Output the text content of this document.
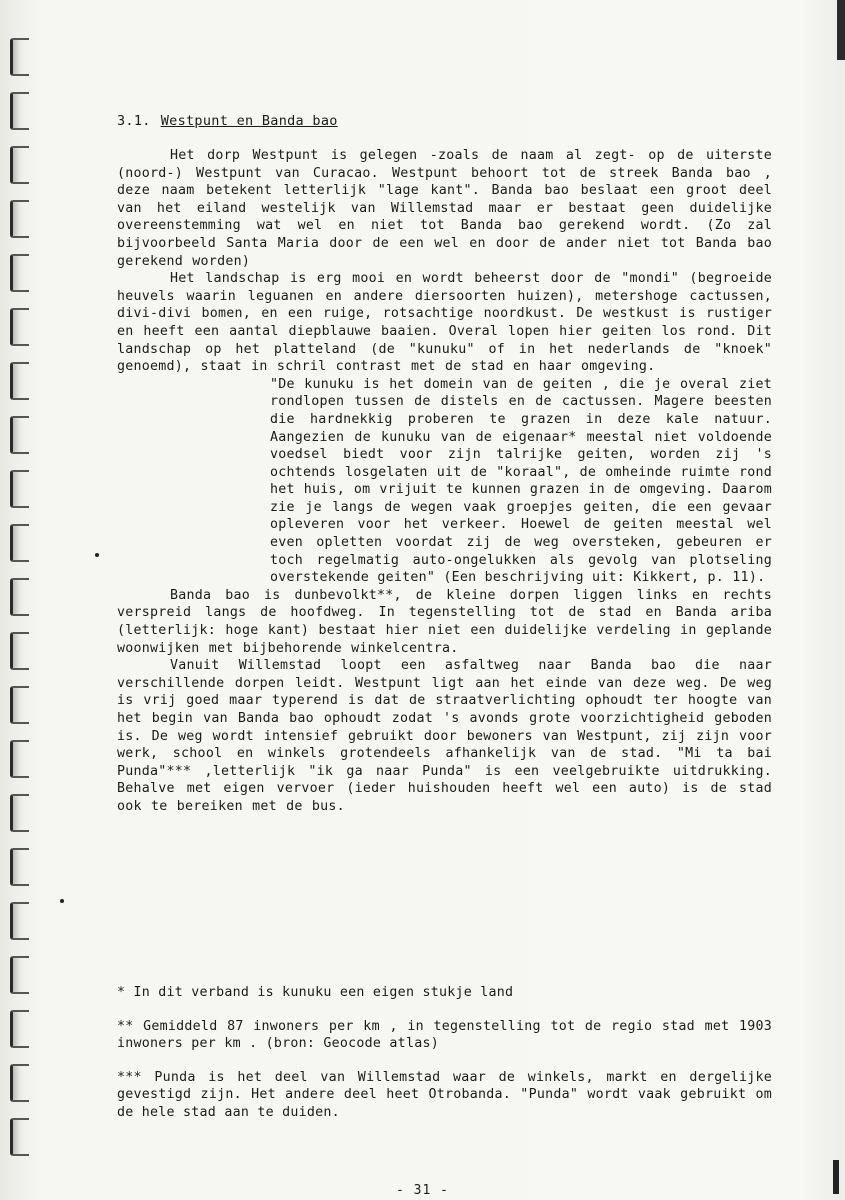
3.1. Westpunt en Banda bao

Het dorp Westpunt is gelegen -zoals de naam al zegt- op de uiterste (noord-) Westpunt van Curacao. Westpunt behoort tot de streek Banda bao , deze naam betekent letterlijk "lage kant". Banda bao beslaat een groot deel van het eiland westelijk van Willemstad maar er bestaat geen duidelijke overeenstemming wat wel en niet tot Banda bao gerekend wordt. (Zo zal bijvoorbeeld Santa Maria door de een wel en door de ander niet tot Banda bao gerekend worden)

Het landschap is erg mooi en wordt beheerst door de "mondi" (begroeide heuvels waarin leguanen en andere diersoorten huizen), metershoge cactussen, divi-divi bomen, en een ruige, rotsachtige noordkust. De westkust is rustiger en heeft een aantal diepblauwe baaien. Overal lopen hier geiten los rond. Dit landschap op het platteland (de "kunuku" of in het nederlands de "knoek" genoemd), staat in schril contrast met de stad en haar omgeving.

"De kunuku is het domein van de geiten , die je overal ziet rondlopen tussen de distels en de cactussen. Magere beesten die hardnekkig proberen te grazen in deze kale natuur. Aangezien de kunuku van de eigenaar* meestal niet voldoende voedsel biedt voor zijn talrijke geiten, worden zij 's ochtends losgelaten uit de "koraal", de omheinde ruimte rond het huis, om vrijuit te kunnen grazen in de omgeving. Daarom zie je langs de wegen vaak groepjes geiten, die een gevaar opleveren voor het verkeer. Hoewel de geiten meestal wel even opletten voordat zij de weg oversteken, gebeuren er toch regelmatig auto-ongelukken als gevolg van plotseling overstekende geiten" (Een beschrijving uit: Kikkert, p. 11).

Banda bao is dunbevolkt**, de kleine dorpen liggen links en rechts verspreid langs de hoofdweg. In tegenstelling tot de stad en Banda ariba (letterlijk: hoge kant) bestaat hier niet een duidelijke verdeling in geplande woonwijken met bijbehorende winkelcentra.

Vanuit Willemstad loopt een asfaltweg naar Banda bao die naar verschillende dorpen leidt. Westpunt ligt aan het einde van deze weg. De weg is vrij goed maar typerend is dat de straatverlichting ophoudt ter hoogte van het begin van Banda bao ophoudt zodat 's avonds grote voorzichtigheid geboden is. De weg wordt intensief gebruikt door bewoners van Westpunt, zij zijn voor werk, school en winkels grotendeels afhankelijk van de stad. "Mi ta bai Punda"*** ,letterlijk "ik ga naar Punda" is een veelgebruikte uitdrukking. Behalve met eigen vervoer (ieder huishouden heeft wel een auto) is de stad ook te bereiken met de bus.

* In dit verband is kunuku een eigen stukje land

** Gemiddeld 87 inwoners per km , in tegenstelling tot de regio stad met 1903 inwoners per km . (bron: Geocode atlas)

*** Punda is het deel van Willemstad waar de winkels, markt en dergelijke gevestigd zijn. Het andere deel heet Otrobanda. "Punda" wordt vaak gebruikt om de hele stad aan te duiden.

- 31 -
